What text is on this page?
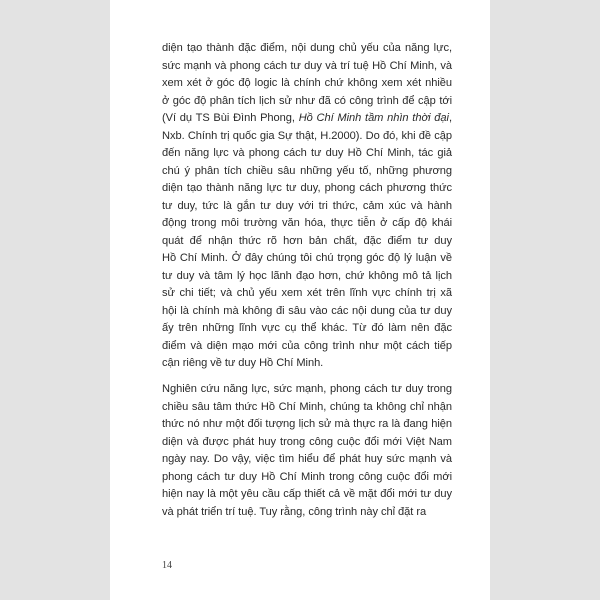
diện tạo thành đặc điểm, nội dung chủ yếu của năng lực,
sức mạnh và phong cách tư duy và trí tuệ Hồ Chí Minh, và
xem xét ở góc độ logic là chính chứ không xem xét nhiều
ở góc độ phân tích lịch sử như đã có công trình để cập tới
(Ví dụ TS Bùi Đình Phong, Hồ Chí Minh tầm nhìn thời đại,
Nxb. Chính trị quốc gia Sự thật, H.2000). Do đó, khi đề cập
đến năng lực và phong cách tư duy Hồ Chí Minh, tác giả
chú ý phân tích chiều sâu những yếu tố, những phương
diện tạo thành năng lực tư duy, phong cách phương thức
tư duy, tức là gắn tư duy với tri thức, cảm xúc và hành
động trong môi trường văn hóa, thực tiễn ở cấp độ khái
quát để nhận thức rõ hơn bản chất, đặc điểm tư duy
Hồ Chí Minh. Ở đây chúng tôi chú trọng góc độ lý luận về
tư duy và tâm lý học lãnh đạo hơn, chứ không mô tả lịch
sử chi tiết; và chủ yếu xem xét trên lĩnh vực chính trị xã
hội là chính mà không đi sâu vào các nội dung của tư duy
ấy trên những lĩnh vực cụ thể khác. Từ đó làm nên đặc
điểm và diện mạo mới của công trình như một cách tiếp
cận riêng về tư duy Hồ Chí Minh.
Nghiên cứu năng lực, sức mạnh, phong cách tư duy trong
chiều sâu tâm thức Hồ Chí Minh, chúng ta không chỉ nhận
thức nó như một đối tượng lịch sử mà thực ra là đang hiện
diện và được phát huy trong công cuộc đổi mới Việt Nam
ngày nay. Do vậy, việc tìm hiểu để phát huy sức mạnh và
phong cách tư duy Hồ Chí Minh trong công cuộc đổi mới
hiện nay là một yêu cầu cấp thiết cả về mặt đổi mới tư duy
và phát triển trí tuệ. Tuy rằng, công trình này chỉ đặt ra
14
